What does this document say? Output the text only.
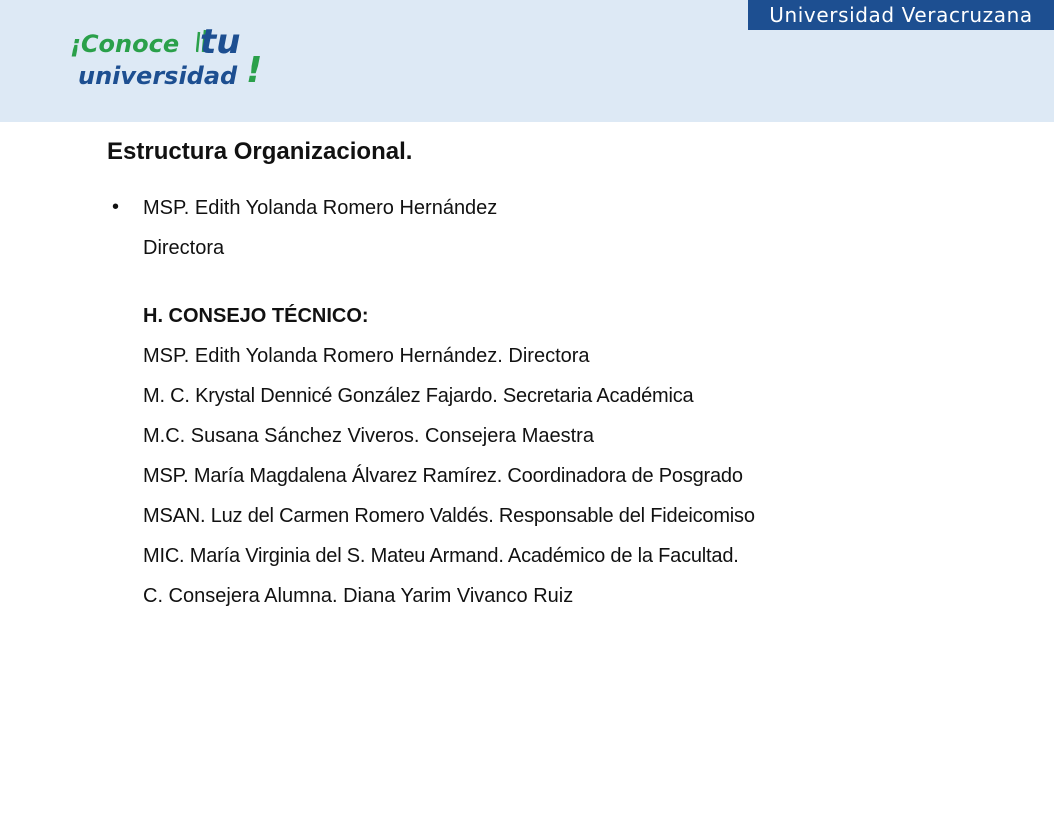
Universidad Veracruzana
¡Conoce tu
universidad !
Estructura Organizacional.
• MSP. Edith Yolanda Romero Hernández
Directora
H. CONSEJO TÉCNICO:
MSP. Edith Yolanda Romero Hernández. Directora
M. C. Krystal Dennicé González Fajardo. Secretaria Académica
M.C. Susana Sánchez Viveros. Consejera Maestra
MSP. María Magdalena Álvarez Ramírez. Coordinadora de Posgrado
MSAN. Luz del Carmen Romero Valdés. Responsable del Fideicomiso
MIC. María Virginia del S. Mateu Armand. Académico de la Facultad.
C. Consejera Alumna. Diana Yarim Vivanco Ruiz
